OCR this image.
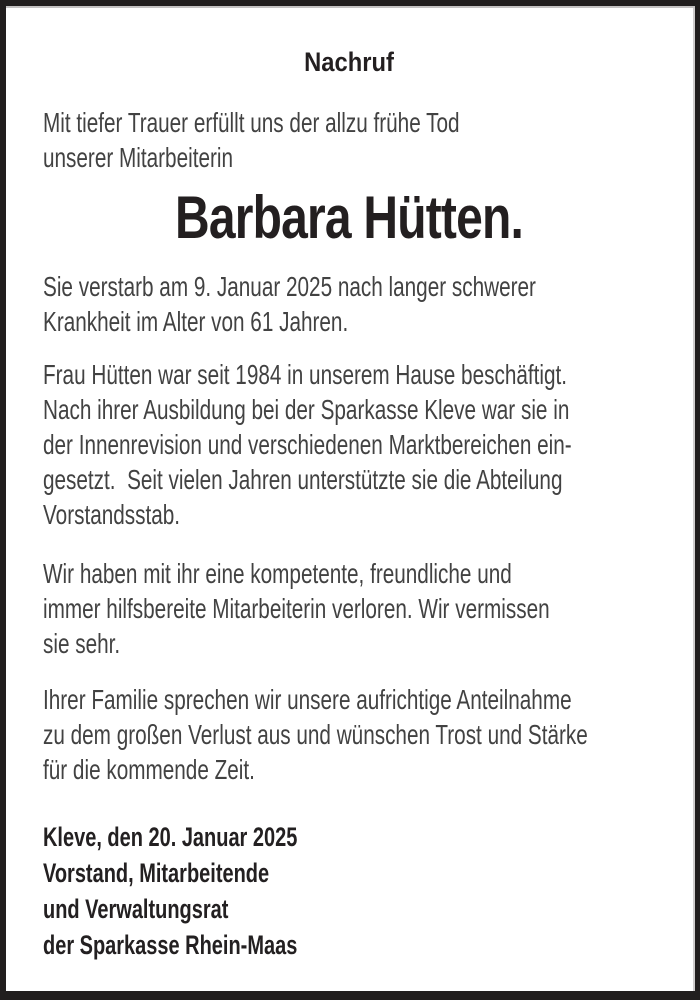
Nachruf
Mit tiefer Trauer erfüllt uns der allzu frühe Tod
unserer Mitarbeiterin
Barbara Hütten.
Sie verstarb am 9. Januar 2025 nach langer schwerer
Krankheit im Alter von 61 Jahren.
Frau Hütten war seit 1984 in unserem Hause beschäftigt.
Nach ihrer Ausbildung bei der Sparkasse Kleve war sie in
der Innenrevision und verschiedenen Marktbereichen ein-
gesetzt.  Seit vielen Jahren unterstützte sie die Abteilung
Vorstandsstab.
Wir haben mit ihr eine kompetente, freundliche und
immer hilfsbereite Mitarbeiterin verloren. Wir vermissen
sie sehr.
Ihrer Familie sprechen wir unsere aufrichtige Anteilnahme
zu dem großen Verlust aus und wünschen Trost und Stärke
für die kommende Zeit.
Kleve, den 20. Januar 2025
Vorstand, Mitarbeitende
und Verwaltungsrat
der Sparkasse Rhein-Maas
